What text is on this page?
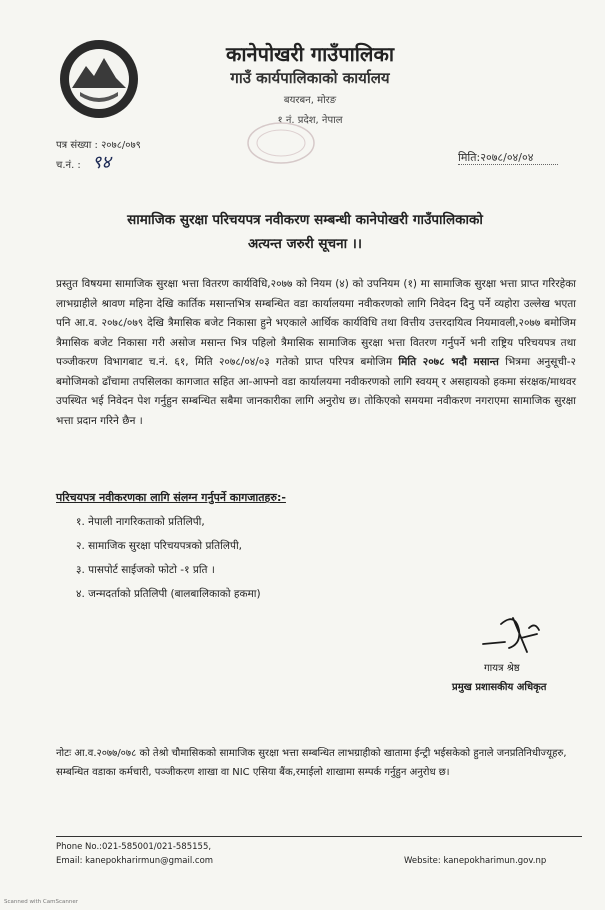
कानेपोखरी गाउँपालिका
गाउँ कार्यपालिकाको कार्यालय
बयरबन, मोरङ
१ नं. प्रदेश, नेपाल
पत्र संख्या : २०७८/०७९
च.नं. : ९४	मिति:२०७८/०४/०४
सामाजिक सुरक्षा परिचयपत्र नवीकरण सम्बन्धी कानेपोखरी गाउँपालिकाको
अत्यन्त जरुरी सूचना ।।
प्रस्तुत विषयमा सामाजिक सुरक्षा भत्ता वितरण कार्यविधि,२०७७ को नियम (४) को उपनियम (१) मा सामाजिक सुरक्षा भत्ता प्राप्त गरिरहेका लाभग्राहीले श्रावण महिना देखि कार्तिक मसान्तभित्र सम्बन्धित वडा कार्यालयमा नवीकरणको लागि निवेदन दिनु पर्ने व्यहोरा उल्लेख भएता पनि आ.व. २०७८/०७९ देखि त्रैमासिक बजेट निकासा हुने भएकाले आर्थिक कार्यविधि तथा वित्तीय उत्तरदायित्व नियमावली,२०७७ बमोजिम त्रैमासिक बजेट निकासा गरी असोज मसान्त भित्र पहिलो त्रैमासिक सामाजिक सुरक्षा भत्ता वितरण गर्नुपर्ने भनी राष्ट्रिय परिचयपत्र तथा पञ्जीकरण विभागबाट च.नं. ६१, मिति २०७८/०४/०३ गतेको प्राप्त परिपत्र बमोजिम मिति २०७८ भदौ मसान्त भित्रमा अनुसूची-२ बमोजिमको ढाँचामा तपसिलका कागजात सहित आ-आफ्नो वडा कार्यालयमा नवीकरणको लागि स्वयम् र असहायको हकमा संरक्षक/माथवर उपस्थित भई निवेदन पेश गर्नुहुन सम्बन्धित सबैमा जानकारीका लागि अनुरोध छ। तोकिएको समयमा नवीकरण नगराएमा सामाजिक सुरक्षा भत्ता प्रदान गरिने छैन ।
परिचयपत्र नवीकरणका लागि संलग्न गर्नुपर्ने कागजातहरु:-
१. नेपाली नागरिकताको प्रतिलिपी,
२. सामाजिक सुरक्षा परिचयपत्रको प्रतिलिपी,
३. पासपोर्ट साईजको फोटो -१ प्रति ।
४. जन्मदर्ताको प्रतिलिपी (बालबालिकाको हकमा)
गायत्र श्रेष्ठ
प्रमुख प्रशासकीय अधिकृत
नोटः आ.व.२०७७/०७८ को तेश्रो चौमासिकको सामाजिक सुरक्षा भत्ता सम्बन्धित लाभग्राहीको खातामा ईन्ट्री भईसकेको हुनाले जनप्रतिनिधीज्यूहरु, सम्बन्धित वडाका कर्मचारी, पञ्जीकरण शाखा वा NIC एसिया बैंक,रमाईलो शाखामा सम्पर्क गर्नुहुन अनुरोध छ।
Phone No.:021-585001/021-585155,
Email: kanepokharirmun@gmail.com	Website: kanepokharimun.gov.np
Scanned with CamScanner
